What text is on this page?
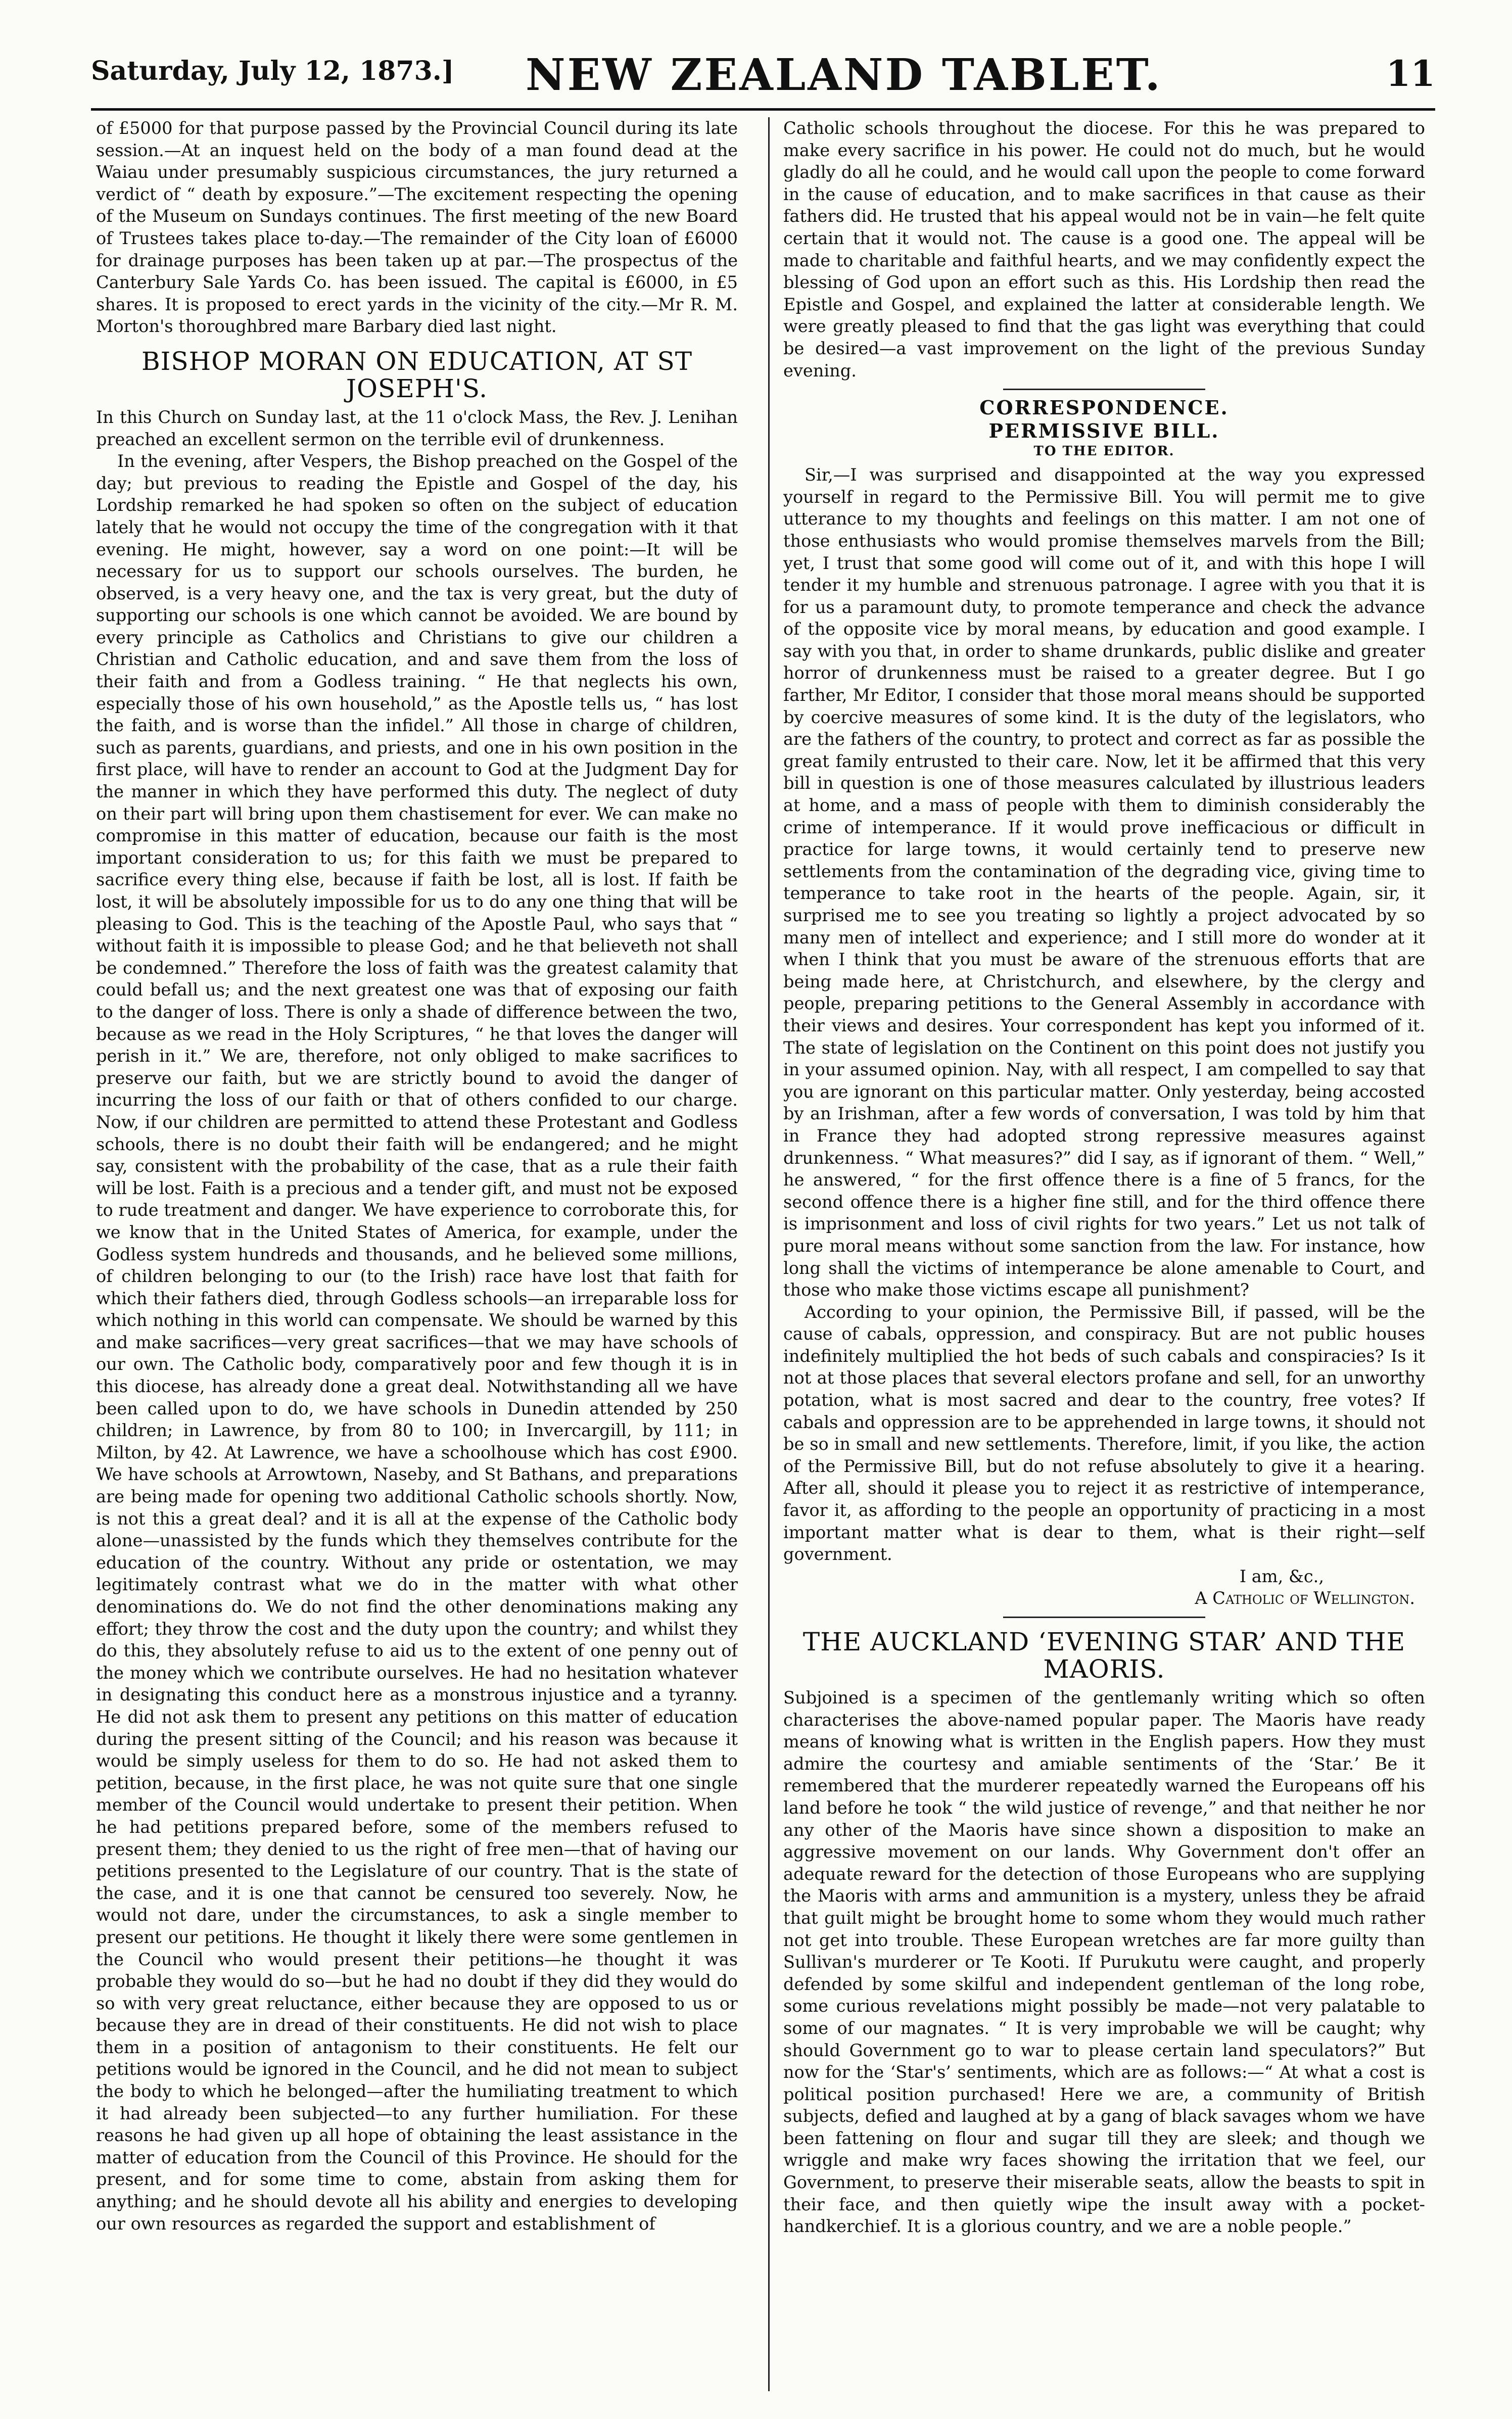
Saturday, July 12, 1873.] NEW ZEALAND TABLET.	11

of £5000 for that purpose passed by the Provincial Council during its late session.—At an inquest held on the body of a man found dead at the Waiau under presumably suspicious circumstances, the jury returned a verdict of “ death by exposure.”—The excitement respecting the opening of the Museum on Sundays continues. The first meeting of the new Board of Trustees takes place to-day.—The remainder of the City loan of £6000 for drainage purposes has been taken up at par.—The prospectus of the Canterbury Sale Yards Co. has been issued. The capital is £6000, in £5 shares. It is proposed to erect yards in the vicinity of the city.—Mr R. M. Morton's thoroughbred mare Barbary died last night.

BISHOP MORAN ON EDUCATION, AT ST JOSEPH'S.

In this Church on Sunday last, at the 11 o'clock Mass, the Rev. J. Lenihan preached an excellent sermon on the terrible evil of drunkenness.

In the evening, after Vespers, the Bishop preached on the Gospel of the day; but previous to reading the Epistle and Gospel of the day, his Lordship remarked he had spoken so often on the subject of education lately that he would not occupy the time of the congregation with it that evening. He might, however, say a word on one point:—It will be necessary for us to support our schools ourselves. The burden, he observed, is a very heavy one, and the tax is very great, but the duty of supporting our schools is one which cannot be avoided. We are bound by every principle as Catholics and Christians to give our children a Christian and Catholic education, and and save them from the loss of their faith and from a Godless training. “ He that neglects his own, especially those of his own household,” as the Apostle tells us, “ has lost the faith, and is worse than the infidel.” All those in charge of children, such as parents, guardians, and priests, and one in his own position in the first place, will have to render an account to God at the Judgment Day for the manner in which they have performed this duty. The neglect of duty on their part will bring upon them chastisement for ever. We can make no compromise in this matter of education, because our faith is the most important consideration to us; for this faith we must be prepared to sacrifice every thing else, because if faith be lost, all is lost. If faith be lost, it will be absolutely impossible for us to do any one thing that will be pleasing to God. This is the teaching of the Apostle Paul, who says that “ without faith it is impossible to please God; and he that believeth not shall be condemned.” Therefore the loss of faith was the greatest calamity that could befall us; and the next greatest one was that of exposing our faith to the danger of loss. There is only a shade of difference between the two, because as we read in the Holy Scriptures, “ he that loves the danger will perish in it.” We are, therefore, not only obliged to make sacrifices to preserve our faith, but we are strictly bound to avoid the danger of incurring the loss of our faith or that of others confided to our charge. Now, if our children are permitted to attend these Protestant and Godless schools, there is no doubt their faith will be endangered; and he might say, consistent with the probability of the case, that as a rule their faith will be lost. Faith is a precious and a tender gift, and must not be exposed to rude treatment and danger. We have experience to corroborate this, for we know that in the United States of America, for example, under the Godless system hundreds and thousands, and he believed some millions, of children belonging to our (to the Irish) race have lost that faith for which their fathers died, through Godless schools—an irreparable loss for which nothing in this world can compensate. We should be warned by this and make sacrifices—very great sacrifices—that we may have schools of our own. The Catholic body, comparatively poor and few though it is in this diocese, has already done a great deal. Notwithstanding all we have been called upon to do, we have schools in Dunedin attended by 250 children; in Lawrence, by from 80 to 100; in Invercargill, by 111; in Milton, by 42. At Lawrence, we have a schoolhouse which has cost £900. We have schools at Arrowtown, Naseby, and St Bathans, and preparations are being made for opening two additional Catholic schools shortly. Now, is not this a great deal? and it is all at the expense of the Catholic body alone—unassisted by the funds which they themselves contribute for the education of the country. Without any pride or ostentation, we may legitimately contrast what we do in the matter with what other denominations do. We do not find the other denominations making any effort; they throw the cost and the duty upon the country; and whilst they do this, they absolutely refuse to aid us to the extent of one penny out of the money which we contribute ourselves. He had no hesitation whatever in designating this conduct here as a monstrous injustice and a tyranny. He did not ask them to present any petitions on this matter of education during the present sitting of the Council; and his reason was because it would be simply useless for them to do so. He had not asked them to petition, because, in the first place, he was not quite sure that one single member of the Council would undertake to present their petition. When he had petitions prepared before, some of the members refused to present them; they denied to us the right of free men—that of having our petitions presented to the Legislature of our country. That is the state of the case, and it is one that cannot be censured too severely. Now, he would not dare, under the circumstances, to ask a single member to present our petitions. He thought it likely there were some gentlemen in the Council who would present their petitions—he thought it was probable they would do so—but he had no doubt if they did they would do so with very great reluctance, either because they are opposed to us or because they are in dread of their constituents. He did not wish to place them in a position of antagonism to their constituents. He felt our petitions would be ignored in the Council, and he did not mean to subject the body to which he belonged—after the humiliating treatment to which it had already been subjected—to any further humiliation. For these reasons he had given up all hope of obtaining the least assistance in the matter of education from the Council of this Province. He should for the present, and for some time to come, abstain from asking them for anything; and he should devote all his ability and energies to developing our own resources as regarded the support and establishment of

Catholic schools throughout the diocese. For this he was prepared to make every sacrifice in his power. He could not do much, but he would gladly do all he could, and he would call upon the people to come forward in the cause of education, and to make sacrifices in that cause as their fathers did. He trusted that his appeal would not be in vain—he felt quite certain that it would not. The cause is a good one. The appeal will be made to charitable and faithful hearts, and we may confidently expect the blessing of God upon an effort such as this. His Lordship then read the Epistle and Gospel, and explained the latter at considerable length. We were greatly pleased to find that the gas light was everything that could be desired—a vast improvement on the light of the previous Sunday evening.

CORRESPONDENCE.
PERMISSIVE BILL.
TO THE EDITOR.

Sir,—I was surprised and disappointed at the way you expressed yourself in regard to the Permissive Bill. You will permit me to give utterance to my thoughts and feelings on this matter. I am not one of those enthusiasts who would promise themselves marvels from the Bill; yet, I trust that some good will come out of it, and with this hope I will tender it my humble and strenuous patronage. I agree with you that it is for us a paramount duty, to promote temperance and check the advance of the opposite vice by moral means, by education and good example. I say with you that, in order to shame drunkards, public dislike and greater horror of drunkenness must be raised to a greater degree. But I go farther, Mr Editor, I consider that those moral means should be supported by coercive measures of some kind. It is the duty of the legislators, who are the fathers of the country, to protect and correct as far as possible the great family entrusted to their care. Now, let it be affirmed that this very bill in question is one of those measures calculated by illustrious leaders at home, and a mass of people with them to diminish considerably the crime of intemperance. If it would prove inefficacious or difficult in practice for large towns, it would certainly tend to preserve new settlements from the contamination of the degrading vice, giving time to temperance to take root in the hearts of the people. Again, sir, it surprised me to see you treating so lightly a project advocated by so many men of intellect and experience; and I still more do wonder at it when I think that you must be aware of the strenuous efforts that are being made here, at Christchurch, and elsewhere, by the clergy and people, preparing petitions to the General Assembly in accordance with their views and desires. Your correspondent has kept you informed of it. The state of legislation on the Continent on this point does not justify you in your assumed opinion. Nay, with all respect, I am compelled to say that you are ignorant on this particular matter. Only yesterday, being accosted by an Irishman, after a few words of conversation, I was told by him that in France they had adopted strong repressive measures against drunkenness. “ What measures?” did I say, as if ignorant of them. “ Well,” he answered, “ for the first offence there is a fine of 5 francs, for the second offence there is a higher fine still, and for the third offence there is imprisonment and loss of civil rights for two years.” Let us not talk of pure moral means without some sanction from the law. For instance, how long shall the victims of intemperance be alone amenable to Court, and those who make those victims escape all punishment?

According to your opinion, the Permissive Bill, if passed, will be the cause of cabals, oppression, and conspiracy. But are not public houses indefinitely multiplied the hot beds of such cabals and conspiracies? Is it not at those places that several electors profane and sell, for an unworthy potation, what is most sacred and dear to the country, free votes? If cabals and oppression are to be apprehended in large towns, it should not be so in small and new settlements. Therefore, limit, if you like, the action of the Permissive Bill, but do not refuse absolutely to give it a hearing. After all, should it please you to reject it as restrictive of intemperance, favor it, as affording to the people an opportunity of practicing in a most important matter what is dear to them, what is their right—self government.

I am, &c.,

A Catholic of Wellington.

THE AUCKLAND ‘EVENING STAR’ AND THE MAORIS.

Subjoined is a specimen of the gentlemanly writing which so often characterises the above-named popular paper. The Maoris have ready means of knowing what is written in the English papers. How they must admire the courtesy and amiable sentiments of the ‘Star.’ Be it remembered that the murderer repeatedly warned the Europeans off his land before he took “ the wild justice of revenge,” and that neither he nor any other of the Maoris have since shown a disposition to make an aggressive movement on our lands. Why Government don't offer an adequate reward for the detection of those Europeans who are supplying the Maoris with arms and ammunition is a mystery, unless they be afraid that guilt might be brought home to some whom they would much rather not get into trouble. These European wretches are far more guilty than Sullivan's murderer or Te Kooti. If Purukutu were caught, and properly defended by some skilful and independent gentleman of the long robe, some curious revelations might possibly be made—not very palatable to some of our magnates. “ It is very improbable we will be caught; why should Government go to war to please certain land speculators?” But now for the ‘Star's’ sentiments, which are as follows:—“ At what a cost is political position purchased! Here we are, a community of British subjects, defied and laughed at by a gang of black savages whom we have been fattening on flour and sugar till they are sleek; and though we wriggle and make wry faces showing the irritation that we feel, our Government, to preserve their miserable seats, allow the beasts to spit in their face, and then quietly wipe the insult away with a pocket-handkerchief. It is a glorious country, and we are a noble people.”
